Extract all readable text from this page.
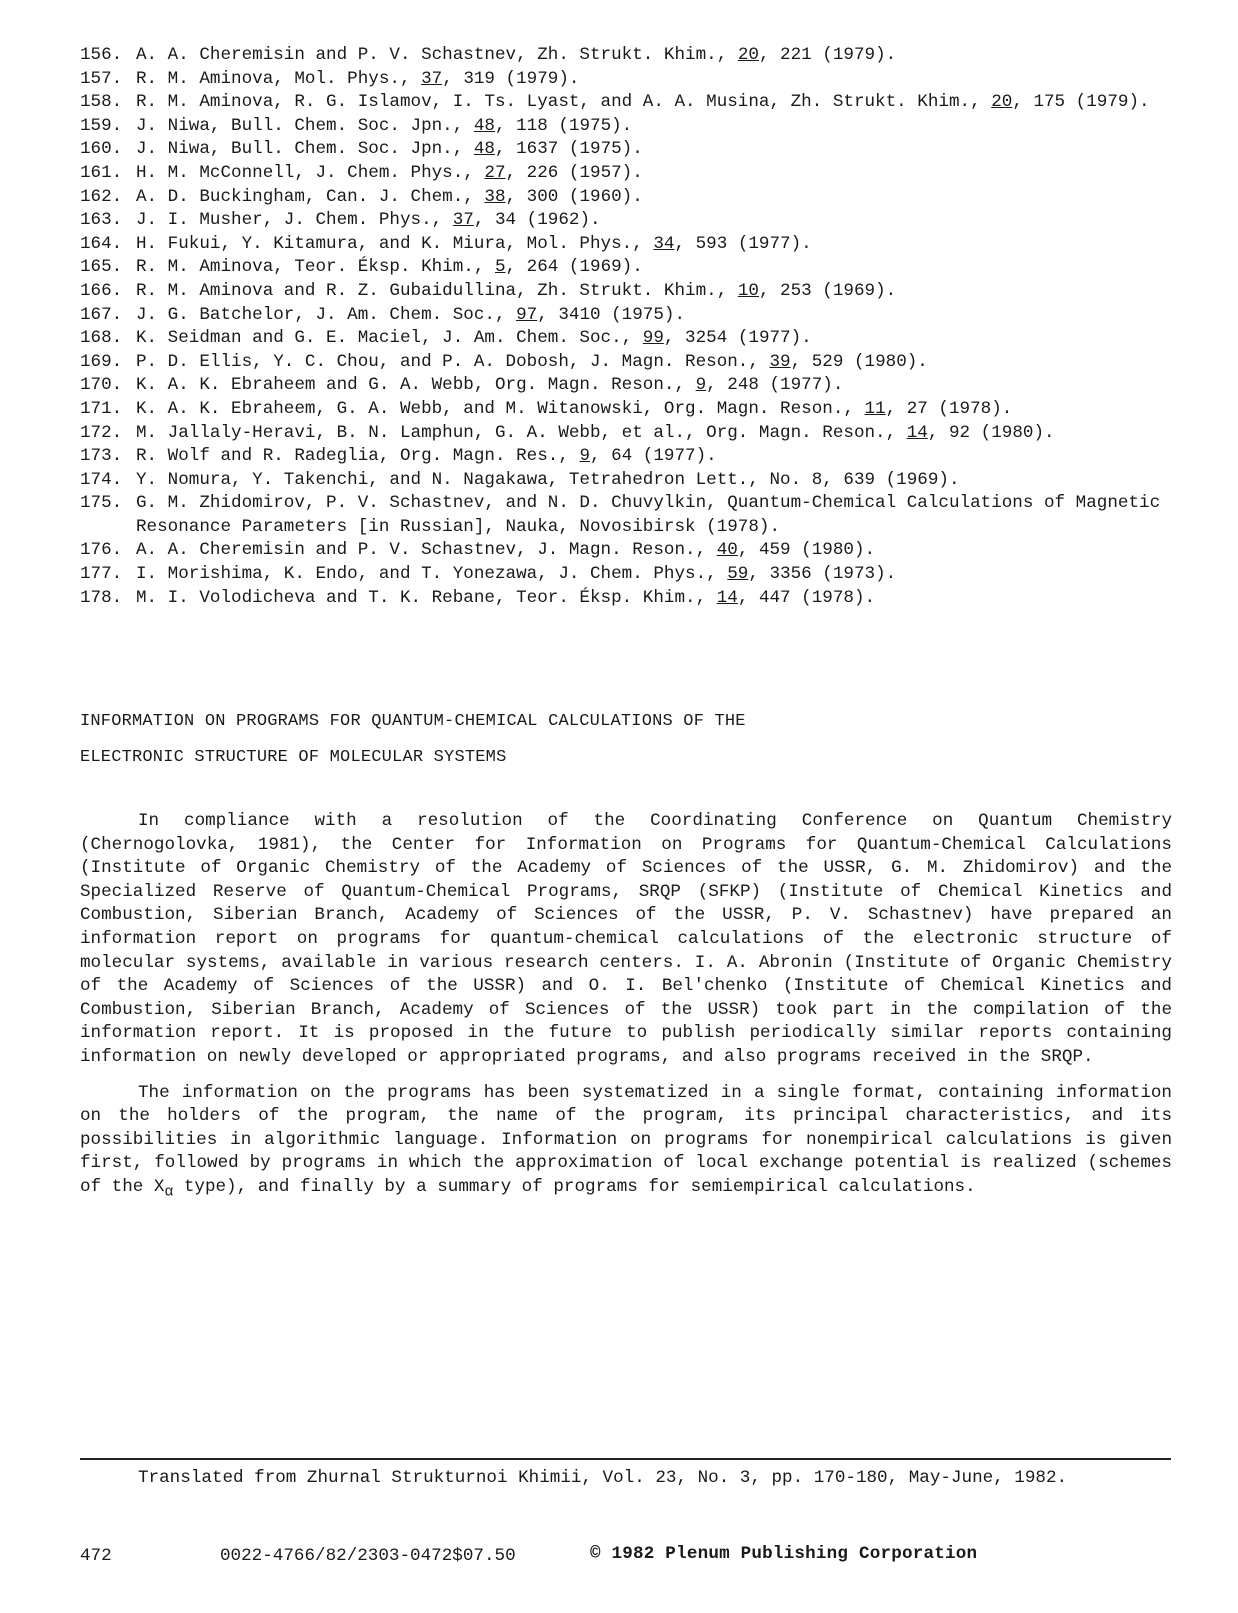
156. A. A. Cheremisin and P. V. Schastnev, Zh. Strukt. Khim., 20, 221 (1979).
157. R. M. Aminova, Mol. Phys., 37, 319 (1979).
158. R. M. Aminova, R. G. Islamov, I. Ts. Lyast, and A. A. Musina, Zh. Strukt. Khim., 20, 175 (1979).
159. J. Niwa, Bull. Chem. Soc. Jpn., 48, 118 (1975).
160. J. Niwa, Bull. Chem. Soc. Jpn., 48, 1637 (1975).
161. H. M. McConnell, J. Chem. Phys., 27, 226 (1957).
162. A. D. Buckingham, Can. J. Chem., 38, 300 (1960).
163. J. I. Musher, J. Chem. Phys., 37, 34 (1962).
164. H. Fukui, Y. Kitamura, and K. Miura, Mol. Phys., 34, 593 (1977).
165. R. M. Aminova, Teor. Éksp. Khim., 5, 264 (1969).
166. R. M. Aminova and R. Z. Gubaidullina, Zh. Strukt. Khim., 10, 253 (1969).
167. J. G. Batchelor, J. Am. Chem. Soc., 97, 3410 (1975).
168. K. Seidman and G. E. Maciel, J. Am. Chem. Soc., 99, 3254 (1977).
169. P. D. Ellis, Y. C. Chou, and P. A. Dobosh, J. Magn. Reson., 39, 529 (1980).
170. K. A. K. Ebraheem and G. A. Webb, Org. Magn. Reson., 9, 248 (1977).
171. K. A. K. Ebraheem, G. A. Webb, and M. Witanowski, Org. Magn. Reson., 11, 27 (1978).
172. M. Jallaly-Heravi, B. N. Lamphun, G. A. Webb, et al., Org. Magn. Reson., 14, 92 (1980).
173. R. Wolf and R. Radeglia, Org. Magn. Res., 9, 64 (1977).
174. Y. Nomura, Y. Takenchi, and N. Nagakawa, Tetrahedron Lett., No. 8, 639 (1969).
175. G. M. Zhidomirov, P. V. Schastnev, and N. D. Chuvylkin, Quantum-Chemical Calculations of Magnetic Resonance Parameters [in Russian], Nauka, Novosibirsk (1978).
176. A. A. Cheremisin and P. V. Schastnev, J. Magn. Reson., 40, 459 (1980).
177. I. Morishima, K. Endo, and T. Yonezawa, J. Chem. Phys., 59, 3356 (1973).
178. M. I. Volodicheva and T. K. Rebane, Teor. Éksp. Khim., 14, 447 (1978).
INFORMATION ON PROGRAMS FOR QUANTUM-CHEMICAL CALCULATIONS OF THE
ELECTRONIC STRUCTURE OF MOLECULAR SYSTEMS

In compliance with a resolution of the Coordinating Conference on Quantum Chemistry (Chernogolovka, 1981), the Center for Information on Programs for Quantum-Chemical Calculations (Institute of Organic Chemistry of the Academy of Sciences of the USSR, G. M. Zhidomirov) and the Specialized Reserve of Quantum-Chemical Programs, SRQP (SFKP) (Institute of Chemical Kinetics and Combustion, Siberian Branch, Academy of Sciences of the USSR, P. V. Schastnev) have prepared an information report on programs for quantum-chemical calculations of the electronic structure of molecular systems, available in various research centers. I. A. Abronin (Institute of Organic Chemistry of the Academy of Sciences of the USSR) and O. I. Bel'chenko (Institute of Chemical Kinetics and Combustion, Siberian Branch, Academy of Sciences of the USSR) took part in the compilation of the information report. It is proposed in the future to publish periodically similar reports containing information on newly developed or appropriated programs, and also programs received in the SRQP.

The information on the programs has been systematized in a single format, containing information on the holders of the program, the name of the program, its principal characteristics, and its possibilities in algorithmic language. Information on programs for nonempirical calculations is given first, followed by programs in which the approximation of local exchange potential is realized (schemes of the $X_\alpha$ type), and finally by a summary of programs for semiempirical calculations.

Translated from Zhurnal Strukturnoi Khimii, Vol. 23, No. 3, pp. 170-180, May-June, 1982.
472	0022-4766/82/2303-0472$07.50	© 1982 Plenum Publishing Corporation
